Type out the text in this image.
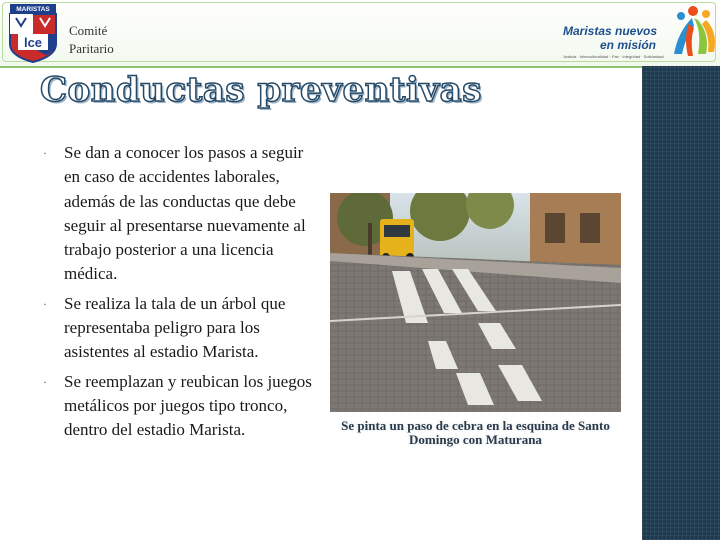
MARISTAS
lce
Comité
Paritario
Maristas nuevos
en misión
Justicia · Interculturalidad · Paz · Integridad · Solidaridad
Conductas preventivas
· Se dan a conocer los pasos a seguir en caso de accidentes laborales, además de las conductas que debe seguir al presentarse nuevamente al trabajo posterior a una licencia médica.
· Se realiza la tala de un árbol que representaba peligro para los asistentes al estadio Marista.
· Se reemplazan y reubican los juegos metálicos por juegos tipo tronco, dentro del estadio Marista.	Se pinta un paso de cebra en la esquina de Santo Domingo con Maturana
